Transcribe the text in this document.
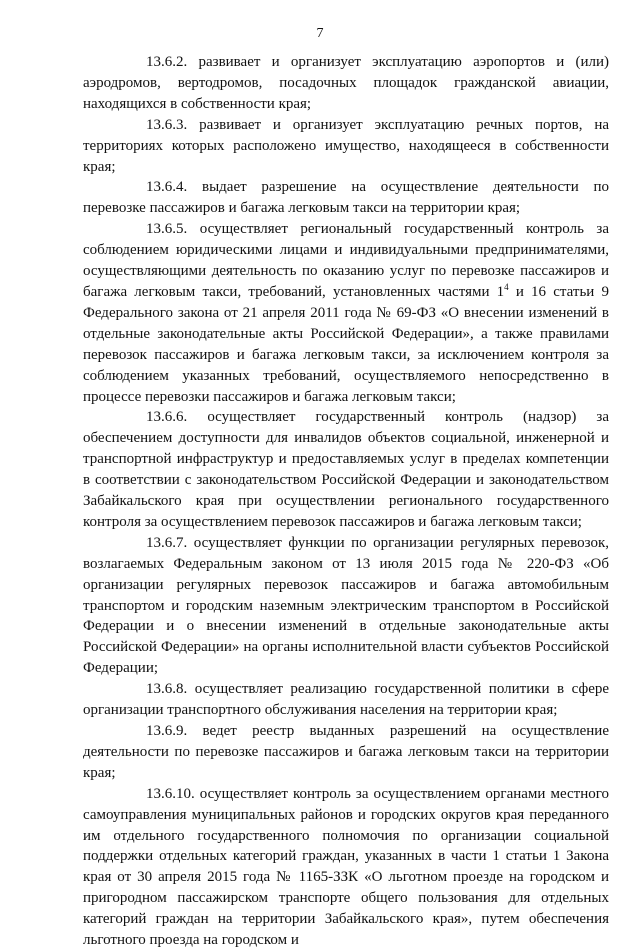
7

13.6.2. развивает и организует эксплуатацию аэропортов и (или) аэродромов, вертодромов, посадочных площадок гражданской авиации, находящихся в собственности края;

13.6.3. развивает и организует эксплуатацию речных портов, на территориях которых расположено имущество, находящееся в собственности края;

13.6.4. выдает разрешение на осуществление деятельности по перевозке пассажиров и багажа легковым такси на территории края;

13.6.5. осуществляет региональный государственный контроль за соблюдением юридическими лицами и индивидуальными предпринимателями, осуществляющими деятельность по оказанию услуг по перевозке пассажиров и багажа легковым такси, требований, установленных частями $1^4$ и 16 статьи 9 Федерального закона от 21 апреля 2011 года № 69-ФЗ «О внесении изменений в отдельные законодательные акты Российской Федерации», а также правилами перевозок пассажиров и багажа легковым такси, за исключением контроля за соблюдением указанных требований, осуществляемого непосредственно в процессе перевозки пассажиров и багажа легковым такси;

13.6.6. осуществляет государственный контроль (надзор) за обеспечением доступности для инвалидов объектов социальной, инженерной и транспортной инфраструктур и предоставляемых услуг в пределах компетенции в соответствии с законодательством Российской Федерации и законодательством Забайкальского края при осуществлении регионального государственного контроля за осуществлением перевозок пассажиров и багажа легковым такси;

13.6.7. осуществляет функции по организации регулярных перевозок, возлагаемых Федеральным законом от 13 июля 2015 года № 220-ФЗ «Об организации регулярных перевозок пассажиров и багажа автомобильным транспортом и городским наземным электрическим транспортом в Российской Федерации и о внесении изменений в отдельные законодательные акты Российской Федерации» на органы исполнительной власти субъектов Российской Федерации;

13.6.8. осуществляет реализацию государственной политики в сфере организации транспортного обслуживания населения на территории края;

13.6.9. ведет реестр выданных разрешений на осуществление деятельности по перевозке пассажиров и багажа легковым такси на территории края;

13.6.10. осуществляет контроль за осуществлением органами местного самоуправления муниципальных районов и городских округов края переданного им отдельного государственного полномочия по организации социальной поддержки отдельных категорий граждан, указанных в части 1 статьи 1 Закона края от 30 апреля 2015 года № 1165-ЗЗК «О льготном проезде на городском и пригородном пассажирском транспорте общего пользования для отдельных категорий граждан на территории Забайкальского края», путем обеспечения льготного проезда на городском и
